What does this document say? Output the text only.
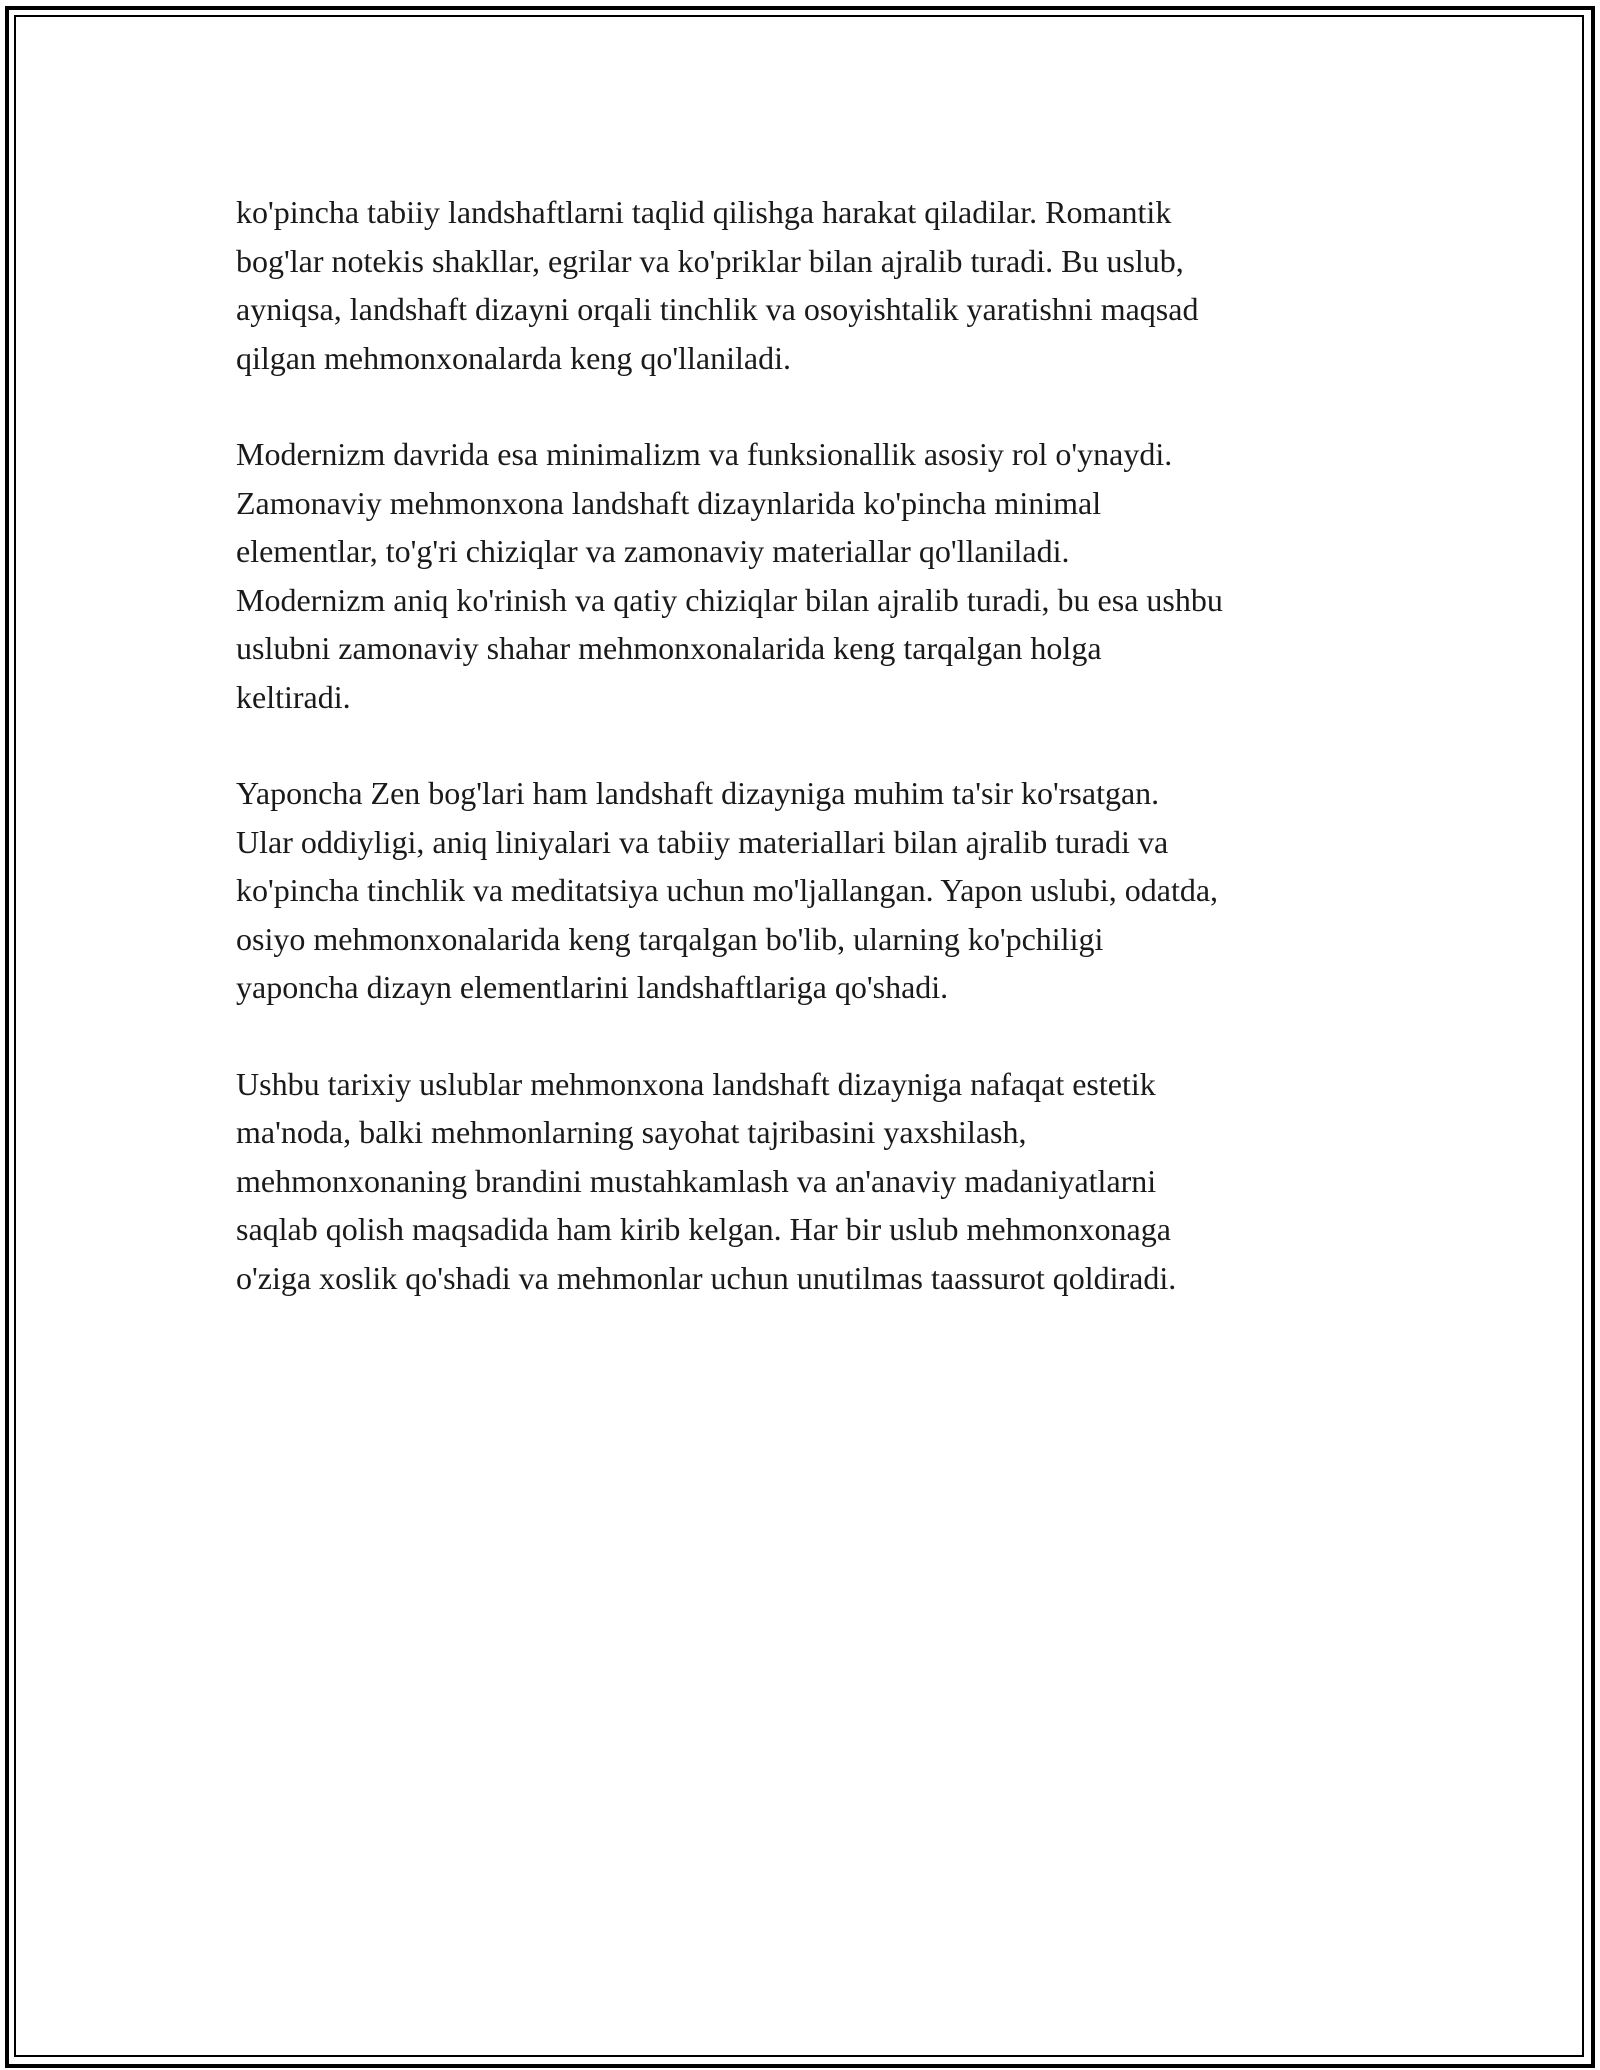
ko'pincha tabiiy landshaftlarni taqlid qilishga harakat qiladilar. Romantik
bog'lar notekis shakllar, egrilar va ko'priklar bilan ajralib turadi. Bu uslub,
ayniqsa, landshaft dizayni orqali tinchlik va osoyishtalik yaratishni maqsad
qilgan mehmonxonalarda keng qo'llaniladi.

Modernizm davrida esa minimalizm va funksionallik asosiy rol o'ynaydi.
Zamonaviy mehmonxona landshaft dizaynlarida ko'pincha minimal
elementlar, to'g'ri chiziqlar va zamonaviy materiallar qo'llaniladi.
Modernizm aniq ko'rinish va qatiy chiziqlar bilan ajralib turadi, bu esa ushbu
uslubni zamonaviy shahar mehmonxonalarida keng tarqalgan holga
keltiradi.

Yaponcha Zen bog'lari ham landshaft dizayniga muhim ta'sir ko'rsatgan.
Ular oddiyligi, aniq liniyalari va tabiiy materiallari bilan ajralib turadi va
ko'pincha tinchlik va meditatsiya uchun mo'ljallangan. Yapon uslubi, odatda,
osiyo mehmonxonalarida keng tarqalgan bo'lib, ularning ko'pchiligi
yaponcha dizayn elementlarini landshaftlariga qo'shadi.

Ushbu tarixiy uslublar mehmonxona landshaft dizayniga nafaqat estetik
ma'noda, balki mehmonlarning sayohat tajribasini yaxshilash,
mehmonxonaning brandini mustahkamlash va an'anaviy madaniyatlarni
saqlab qolish maqsadida ham kirib kelgan. Har bir uslub mehmonxonaga
o'ziga xoslik qo'shadi va mehmonlar uchun unutilmas taassurot qoldiradi.
